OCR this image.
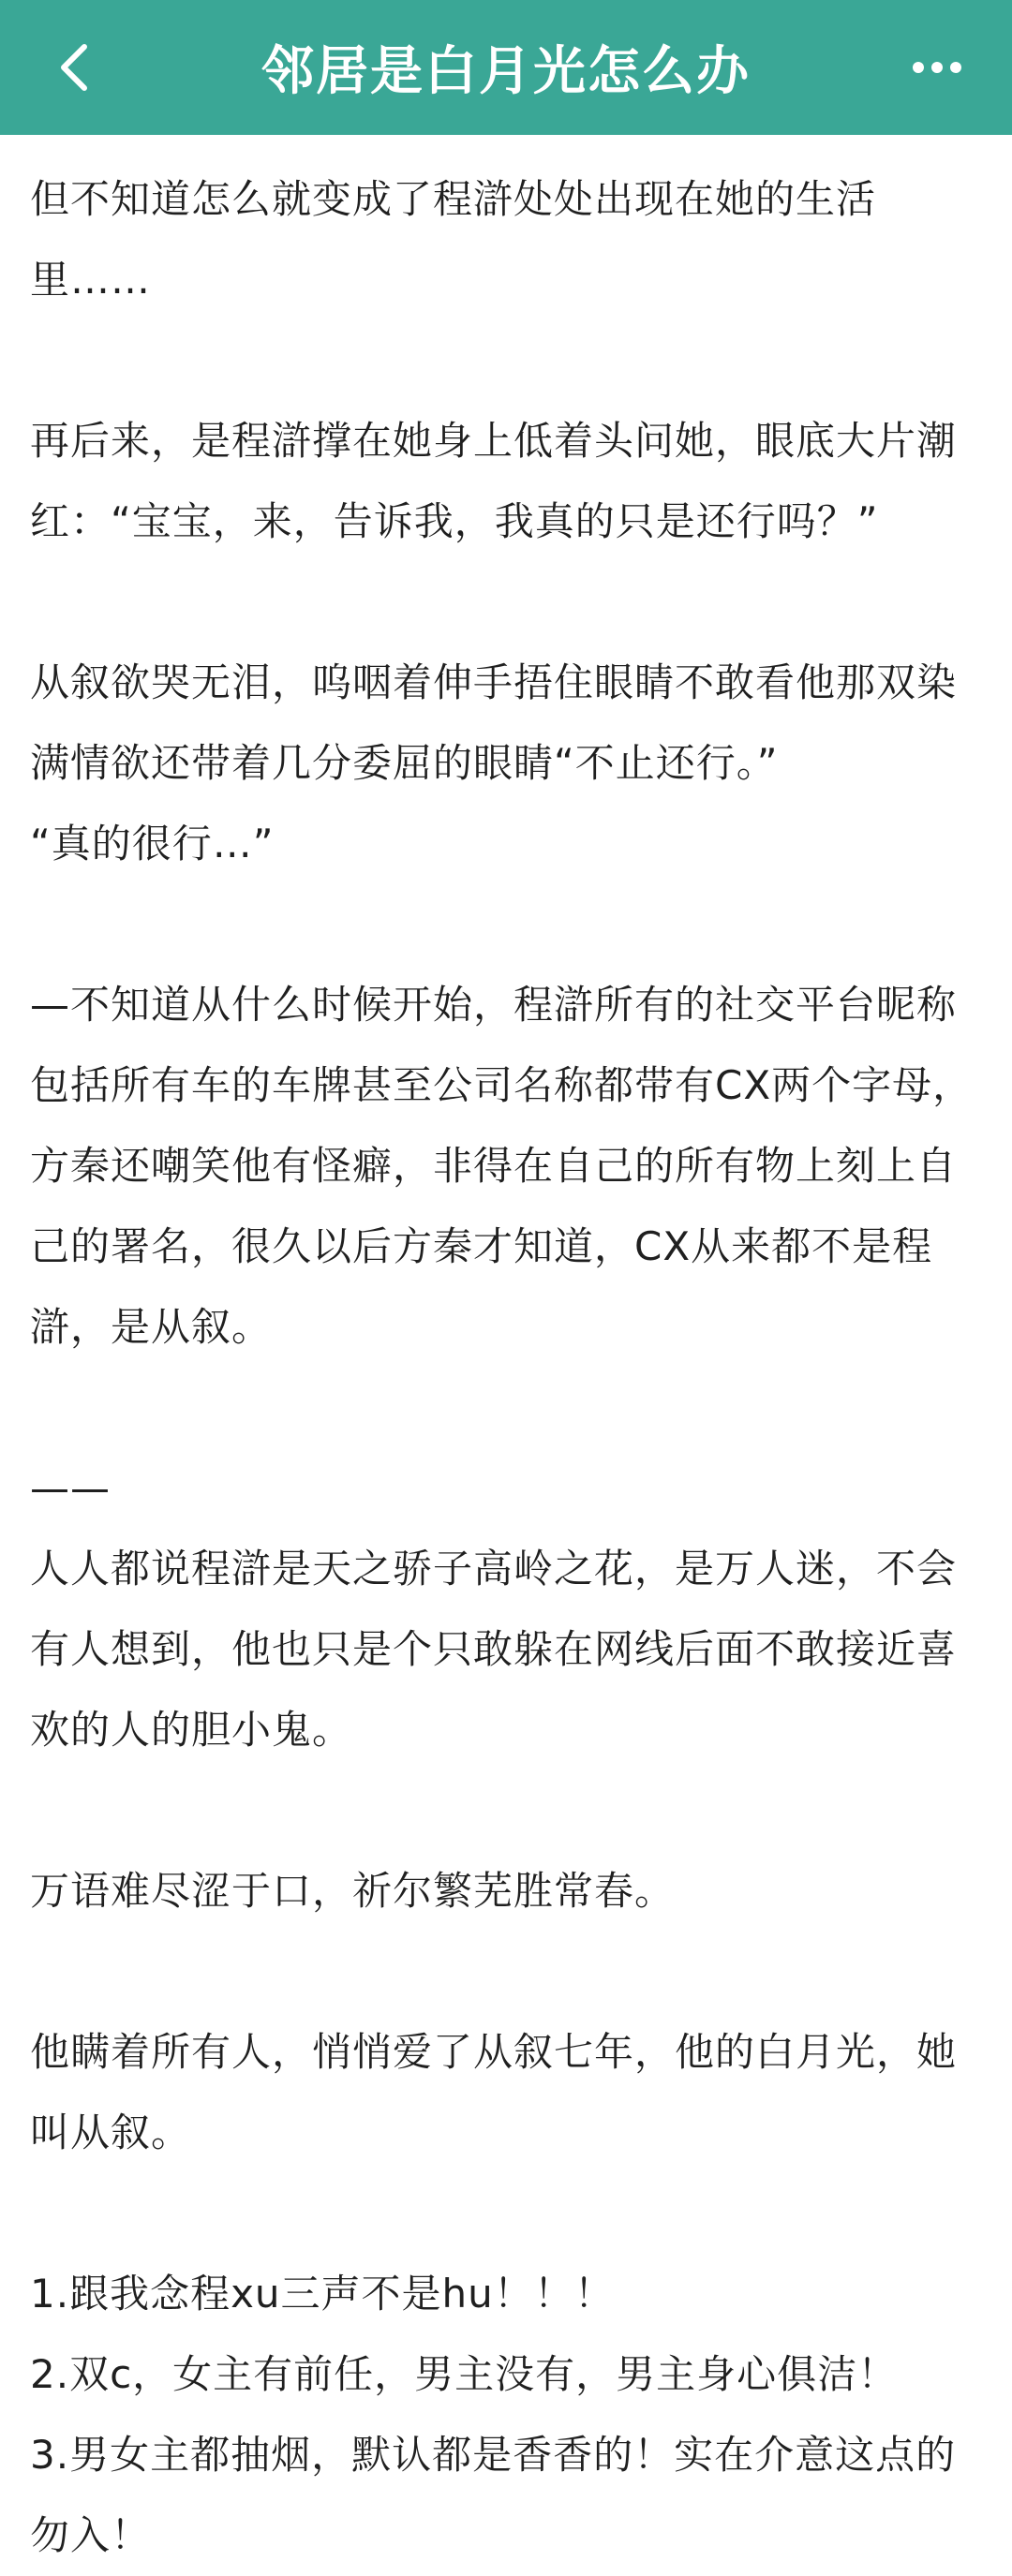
邻居是白月光怎么办

但不知道怎么就变成了程滸处处出现在她的生活里……

再后来，是程滸撑在她身上低着头问她，眼底大片潮红：“宝宝，来，告诉我，我真的只是还行吗？”

从叙欲哭无泪，呜咽着伸手捂住眼睛不敢看他那双染满情欲还带着几分委屈的眼睛“不止还行。”
“真的很行…”

—不知道从什么时候开始，程滸所有的社交平台昵称包括所有车的车牌甚至公司名称都带有CX两个字母，方秦还嘲笑他有怪癖，非得在自己的所有物上刻上自己的署名，很久以后方秦才知道，CX从来都不是程滸，是从叙。

——
人人都说程滸是天之骄子高岭之花，是万人迷，不会有人想到，他也只是个只敢躲在网线后面不敢接近喜欢的人的胆小鬼。

万语难尽涩于口，祈尔繁芜胜常春。

他瞒着所有人，悄悄爱了从叙七年，他的白月光，她叫从叙。

1.跟我念程xu三声不是hu！！！
2.双c，女主有前任，男主没有，男主身心俱洁！
3.男女主都抽烟，默认都是香香的！实在介意这点的勿入！
